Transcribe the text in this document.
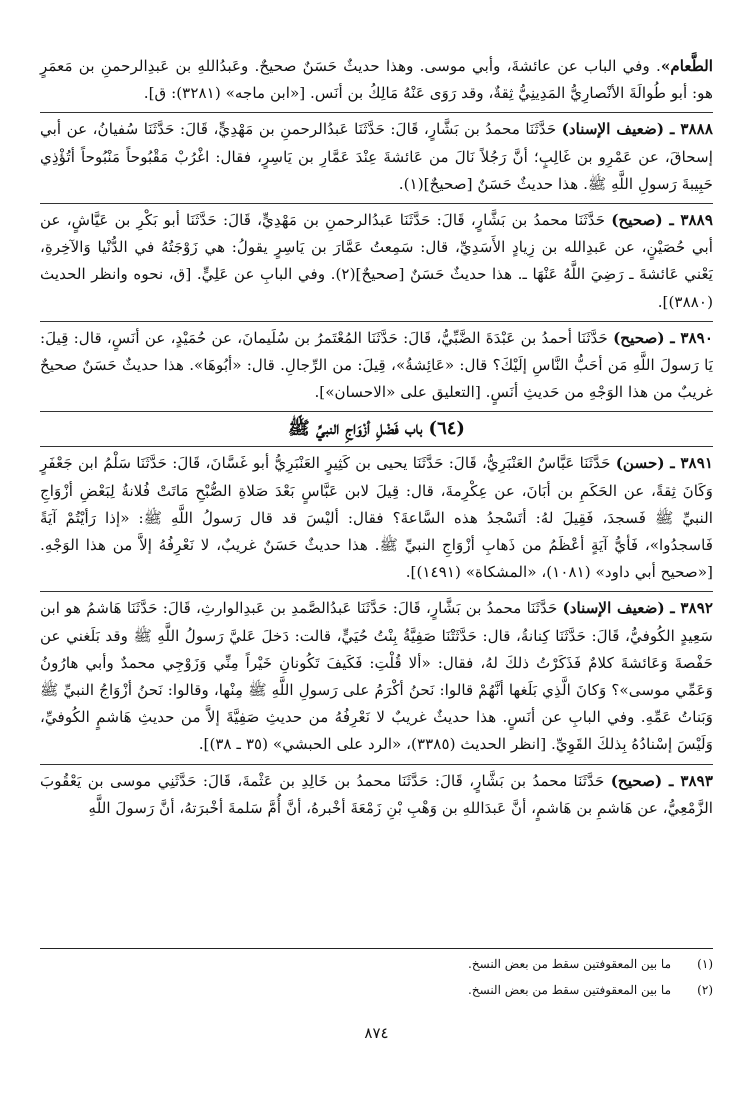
الطَّعام». وفي الباب عن عائشةَ، وأبي موسى. وهذا حديثٌ حَسَنٌ صحيحٌ. وعَبدُاللهِ بن عَبدِالرحمنِ بن مَعمَرٍ هو: أبو طُوالَةَ الأنْصارِيُّ المَدِينِيُّ ثِقةٌ، وقد رَوَى عَنْهُ مَالِكُ بن أنَس. [«ابن ماجه» (٣٢٨١): ق].

٣٨٨٨ ـ (ضعيف الإسناد) حَدَّثَنَا محمدُ بن بَشَّارٍ، قَالَ: حَدَّثَنَا عَبدُالرحمنِ بن مَهْدِيٍّ، قَالَ: حَدَّثَنَا سُفيانُ، عن أبي إسحاقَ، عن عَمْرِو بن غَالِبٍ؛ أنَّ رَجُلاً نَالَ من عَائشةَ عِنْدَ عَمَّارِ بن يَاسِرٍ، فقال: اغْرُبْ مَقْبُوحاً مَنْبُوحاً أتُؤْذِي حَبِيبةَ رَسولِ اللَّهِ ﷺ. هذا حديثٌ حَسَنٌ [صحيحٌ](١).

٣٨٨٩ ـ (صحيح) حَدَّثَنَا محمدُ بن بَشَّارٍ، قَالَ: حَدَّثَنَا عَبدُالرحمنِ بن مَهْدِيٍّ، قَالَ: حَدَّثَنَا أبو بَكْرِ بن عَيَّاشٍ، عن أبي حُصَيْنٍ، عن عَبدِالله بن زِيادٍ الأَسَدِيِّ، قال: سَمِعتُ عَمَّارَ بن يَاسِرٍ يقولُ: هي زَوْجَتُهُ في الدُّنْيا وَالآخِرةِ، يَعْني عَائشةَ ـ رَضِيَ اللَّهُ عَنْهَا ـ. هذا حديثٌ حَسَنٌ [صحيحٌ](٢). وفي البابِ عن عَلِيٍّ. [ق، نحوه وانظر الحديث (٣٨٨٠)].

٣٨٩٠ ـ (صحيح) حَدَّثَنَا أحمدُ بن عَبْدَةَ الضَّبِّيُّ، قَالَ: حَدَّثَنَا المُعْتَمرُ بن سُلَيمانَ، عن حُمَيْدٍ، عن أنَسٍ، قال: قِيلَ: يَا رَسولَ اللَّهِ مَن أحَبُّ النَّاسِ إلَيْكَ؟ قال: «عَائِشةُ»، قِيلَ: من الرِّجالِ. قال: «أبُوهَا». هذا حديثٌ حَسَنٌ صحيحٌ غريبٌ من هذا الوَجْهِ من حَديثِ أنَسٍ. [التعليق على «الاحسان»].

(٦٤) باب فَضْلِ أزْوَاجِ النبيِّ ﷺ

٣٨٩١ ـ (حسن) حَدَّثَنَا عَبَّاسٌ العَنْبَرِيُّ، قَالَ: حَدَّثَنَا يحيى بن كَثِيرٍ العَنْبَرِيُّ أبو غَسَّانَ، قَالَ: حَدَّثَنَا سَلْمُ ابن جَعْفَرٍ وَكَانَ ثِقةً، عن الحَكَمِ بن أبَانَ، عن عِكْرِمةَ، قال: قِيلَ لابن عَبَّاسٍ بَعْدَ صَلاةِ الصُّبْحِ مَاتَتْ فُلانةُ لِبَعْضِ أزْوَاجِ النبيِّ ﷺ فَسجدَ، فَقِيلَ لهُ: أتَسْجدُ هذه السَّاعةَ؟ فقال: أليْسَ قد قال رَسولُ اللَّهِ ﷺ: «إذا رَأيْتُمْ آيَةً فَاسجدُوا»، فَأيُّ آيَةٍ أعْظَمُ من ذَهابِ أزْوَاجِ النبيِّ ﷺ. هذا حديثٌ حَسَنٌ غريبٌ، لا نَعْرِفُهُ إلاَّ من هذا الوَجْهِ. [«صحيح أبي داود» (١٠٨١)، «المشكاة» (١٤٩١)].

٣٨٩٢ ـ (ضعيف الإسناد) حَدَّثَنَا محمدُ بن بَشَّارٍ، قَالَ: حَدَّثَنَا عَبدُالصَّمدِ بن عَبدِالوارثِ، قَالَ: حَدَّثَنَا هَاشمُ هو ابن سَعِيدٍ الكُوفيُّ، قَالَ: حَدَّثَنَا كِنانةُ، قال: حَدَّثَتْنَا صَفِيَّةُ بِنْتُ حُيَيٍّ، قالت: دَخلَ عَليَّ رَسولُ اللَّهِ ﷺ وقد بَلَغني عن حَفْصةَ وَعَائشةَ كلامٌ فَذَكَرْتُ ذلكَ لهُ، فقال: «ألا قُلْتِ: فَكَيفَ تَكُونانِ خَيْراً مِنِّي وَزَوْجِي محمدٌ وأبي هارُونُ وَعَمِّي موسى»؟ وَكانَ الَّذِي بَلَغها أنَّهُمْ قالوا: نَحنُ أكْرَمُ على رَسولِ اللَّهِ ﷺ مِنْها، وقالوا: نَحنُ أزْوَاجُ النبيِّ ﷺ وَبَناتُ عَمِّهِ. وفي البابِ عن أنَسٍ. هذا حديثٌ غريبٌ لا نَعْرِفُهُ من حديثِ صَفِيَّةَ إلاَّ من حديثِ هَاشمٍ الكُوفيِّ، وَلَيْسَ إسْنادُهُ بِذلكَ القَوِيِّ. [انظر الحديث (٣٣٨٥)، «الرد على الحبشي» (٣٥ ـ ٣٨)].

٣٨٩٣ ـ (صحيح) حَدَّثَنَا محمدُ بن بَشَّارٍ، قَالَ: حَدَّثَنَا محمدُ بن خَالِدِ بن عَثْمةَ، قَالَ: حَدَّثَنِي موسى بن يَعْقُوبَ الزَّمْعِيُّ، عن هَاشمِ بن هَاشمٍ، أنَّ عَبدَاللهِ بن وَهْبِ بْنِ زَمْعَةَ أخْبرهُ، أنَّ أُمَّ سَلمةَ أخْبرَتهُ، أنَّ رَسولَ اللَّهِ

(١)
ما بين المعقوفتين سقط من بعض النسخ.
(٢)
ما بين المعقوفتين سقط من بعض النسخ.
٨٧٤
